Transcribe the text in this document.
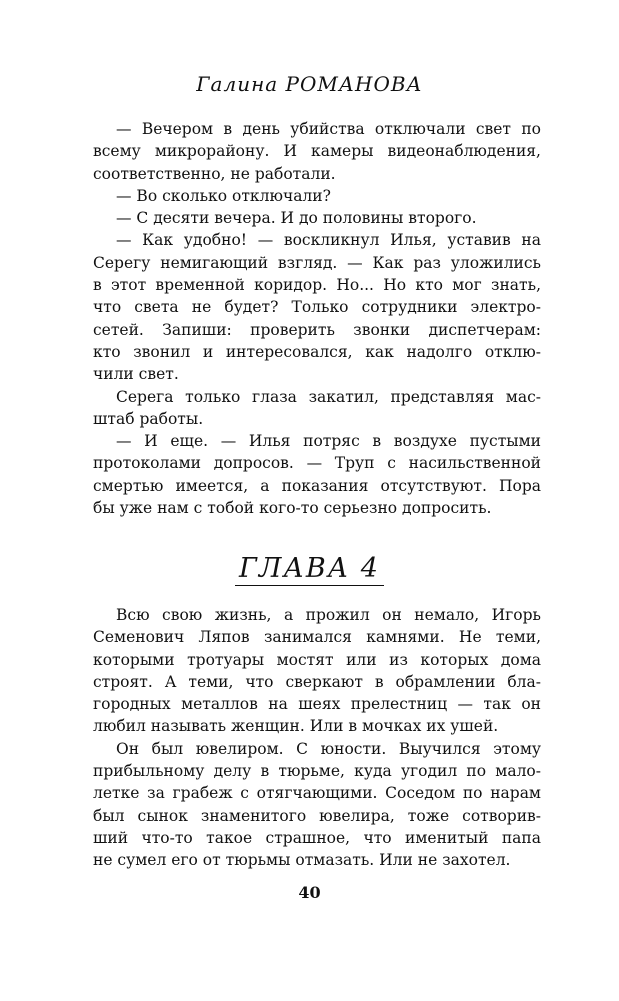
Галина РОМАНОВА
— Вечером в день убийства отключали свет по
всему микрорайону. И камеры видеонаблюдения,
соответственно, не работали.
— Во сколько отключали?
— С десяти вечера. И до половины второго.
— Как удобно! — воскликнул Илья, уставив на
Серегу немигающий взгляд. — Как раз уложились
в этот временной коридор. Но... Но кто мог знать,
что света не будет? Только сотрудники электро-
сетей. Запиши: проверить звонки диспетчерам:
кто звонил и интересовался, как надолго отклю-
чили свет.
Серега только глаза закатил, представляя мас-
штаб работы.
— И еще. — Илья потряс в воздухе пустыми
протоколами допросов. — Труп с насильственной
смертью имеется, а показания отсутствуют. Пора
бы уже нам с тобой кого-то серьезно допросить.
ГЛАВА 4
Всю свою жизнь, а прожил он немало, Игорь
Семенович Ляпов занимался камнями. Не теми,
которыми тротуары мостят или из которых дома
строят. А теми, что сверкают в обрамлении бла-
городных металлов на шеях прелестниц — так он
любил называть женщин. Или в мочках их ушей.
Он был ювелиром. С юности. Выучился этому
прибыльному делу в тюрьме, куда угодил по мало-
летке за грабеж с отягчающими. Соседом по нарам
был сынок знаменитого ювелира, тоже сотворив-
ший что-то такое страшное, что именитый папа
не сумел его от тюрьмы отмазать. Или не захотел.
40
